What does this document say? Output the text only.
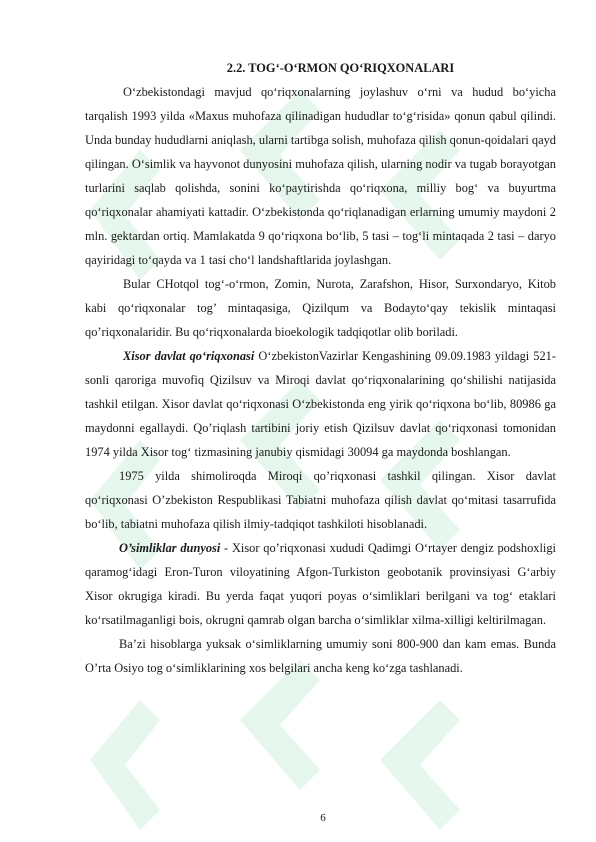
2.2. TOG‘-O‘RMON QO‘RIQXONALARI

O‘zbekistondagi mavjud qo‘riqxonalarning joylashuv o‘rni va hudud bo‘yicha tarqalish 1993 yilda «Maxus muhofaza qilinadigan hududlar to‘g‘risida» qonun qabul qilindi. Unda bunday hududlarni aniqlash, ularni tartibga solish, muhofaza qilish qonun-qoidalari qayd qilingan. O‘simlik va hayvonot dunyosini muhofaza qilish, ularning nodir va tugab borayotgan turlarini saqlab qolishda, sonini ko‘paytirishda qo‘riqxona, milliy bog‘ va buyurtma qo‘riqxonalar ahamiyati kattadir. O‘zbekistonda qo‘riqlanadigan erlarning umumiy maydoni 2 mln. gektardan ortiq. Mamlakatda 9 qo‘riqxona bo‘lib, 5 tasi – tog‘li mintaqada 2 tasi – daryo qayiridagi to‘qayda va 1 tasi cho‘l landshaftlarida joylashgan.

Bular CHotqol tog‘-o‘rmon, Zomin, Nurota, Zarafshon, Hisor, Surxondaryo, Kitob kabi qo‘riqxonalar tog’ mintaqasiga, Qizilqum va Bodayto‘qay tekislik mintaqasi qo’riqxonalaridir. Bu qo‘riqxonalarda bioekologik tadqiqotlar olib boriladi.

Xisor davlat qo‘riqxonasi O‘zbekistonVazirlar Kengashining 09.09.1983 yildagi 521-sonli qaroriga muvofiq Qizilsuv va Miroqi davlat qo‘riqxonalarining qo‘shilishi natijasida tashkil etilgan. Xisor davlat qo‘riqxonasi O‘zbekistonda eng yirik qo‘riqxona bo‘lib, 80986 ga maydonni egallaydi. Qo’riqlash tartibini joriy etish Qizilsuv davlat qo‘riqxonasi tomonidan 1974 yilda Xisor tog‘ tizmasining janubiy qismidagi 30094 ga maydonda boshlangan.

1975 yilda shimoliroqda Miroqi qo’riqxonasi tashkil qilingan. Xisor davlat qo‘riqxonasi O’zbekiston Respublikasi Tabiatni muhofaza qilish davlat qo‘mitasi tasarrufida bo‘lib, tabiatni muhofaza qilish ilmiy-tadqiqot tashkiloti hisoblanadi.

O’simliklar dunyosi - Xisor qo’riqxonasi xududi Qadimgi O‘rtayer dengiz podshoxligi qaramog‘idagi Eron-Turon viloyatining Afgon-Turkiston geobotanik provinsiyasi G‘arbiy Xisor okrugiga kiradi. Bu yerda faqat yuqori poyas o‘simliklari berilgani va tog‘ etaklari ko‘rsatilmaganligi bois, okrugni qamrab olgan barcha o‘simliklar xilma-xilligi keltirilmagan.

Ba’zi hisoblarga yuksak o‘simliklarning umumiy soni 800-900 dan kam emas. Bunda O’rta Osiyo tog o‘simliklarining xos belgilari ancha keng ko‘zga tashlanadi.

6
